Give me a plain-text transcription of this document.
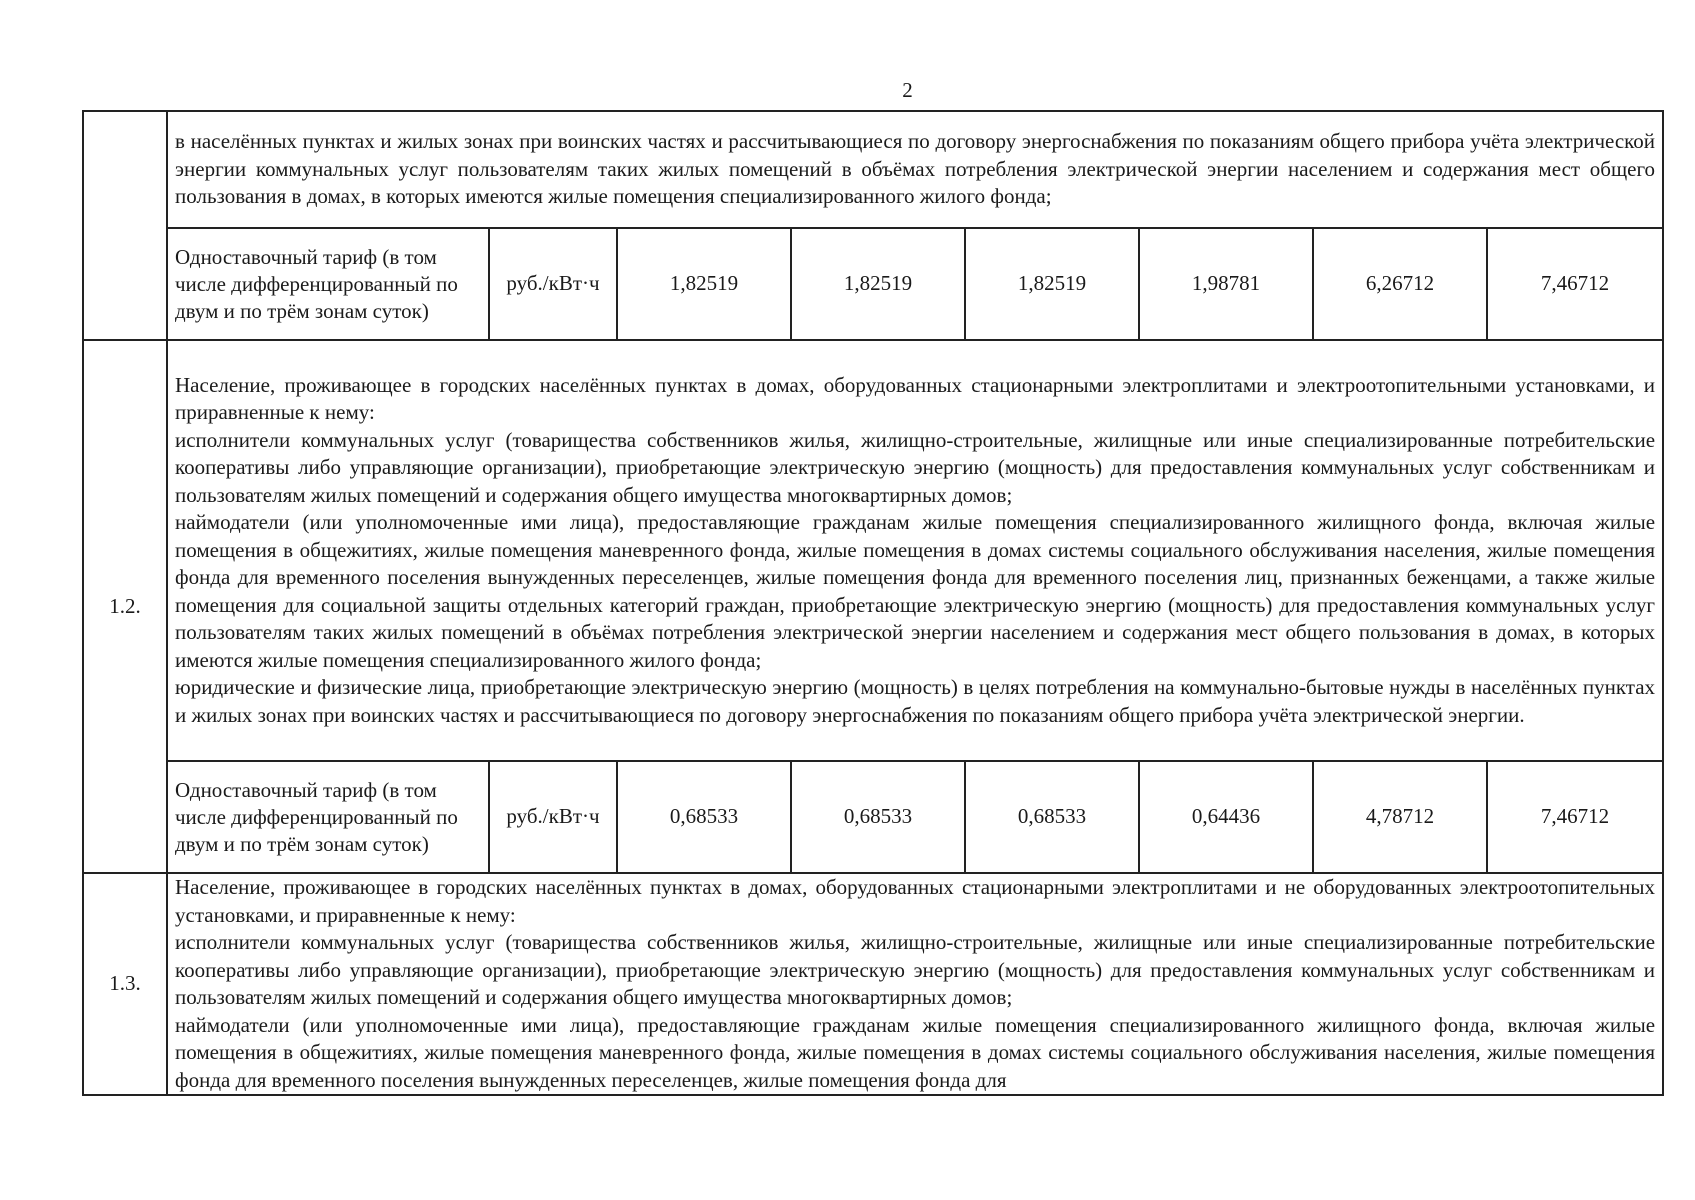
2

	в населённых пунктах и жилых зонах при воинских частях и рассчитывающиеся по договору энергоснабжения по показаниям общего прибора учёта электрической энергии коммунальных услуг пользователям таких жилых помещений в объёмах потребления электрической энергии населением и содержания мест общего пользования в домах, в которых имеются жилые помещения специализированного жилого фонда;							

	Одноставочный тариф (в том числе дифференцированный по двум и по трём зонам суток)	руб./кВт·ч	1,82519	1,82519	1,82519	1,98781	6,26712	7,46712
1.2.	Население, проживающее в городских населённых пунктах в домах, оборудованных стационарными электроплитами и электроотопительными установками, и приравненные к нему:
исполнители коммунальных услуг (товарищества собственников жилья, жилищно-строительные, жилищные или иные специализированные потребительские кооперативы либо управляющие организации), приобретающие электрическую энергию (мощность) для предоставления коммунальных услуг собственникам и пользователям жилых помещений и содержания общего имущества многоквартирных домов;
наймодатели (или уполномоченные ими лица), предоставляющие гражданам жилые помещения специализированного жилищного фонда, включая жилые помещения в общежитиях, жилые помещения маневренного фонда, жилые помещения в домах системы социального обслуживания населения, жилые помещения фонда для временного поселения вынужденных переселенцев, жилые помещения фонда для временного поселения лиц, признанных беженцами, а также жилые помещения для социальной защиты отдельных категорий граждан, приобретающие электрическую энергию (мощность) для предоставления коммунальных услуг пользователям таких жилых помещений в объёмах потребления электрической энергии населением и содержания мест общего пользования в домах, в которых имеются жилые помещения специализированного жилого фонда;
юридические и физические лица, приобретающие электрическую энергию (мощность) в целях потребления на коммунально-бытовые нужды в населённых пунктах и жилых зонах при воинских частях и рассчитывающиеся по договору энергоснабжения по показаниям общего прибора учёта электрической энергии.							

	Одноставочный тариф (в том числе дифференцированный по двум и по трём зонам суток)	руб./кВт·ч	0,68533	0,68533	0,68533	0,64436	4,78712	7,46712
1.3.	Население, проживающее в городских населённых пунктах в домах, оборудованных стационарными электроплитами и не оборудованных электроотопительных установками, и приравненные к нему:
исполнители коммунальных услуг (товарищества собственников жилья, жилищно-строительные, жилищные или иные специализированные потребительские кооперативы либо управляющие организации), приобретающие электрическую энергию (мощность) для предоставления коммунальных услуг собственникам и пользователям жилых помещений и содержания общего имущества многоквартирных домов;
наймодатели (или уполномоченные ими лица), предоставляющие гражданам жилые помещения специализированного жилищного фонда, включая жилые помещения в общежитиях, жилые помещения маневренного фонда, жилые помещения в домах системы социального обслуживания населения, жилые помещения фонда для временного поселения вынужденных переселенцев, жилые помещения фонда для							
